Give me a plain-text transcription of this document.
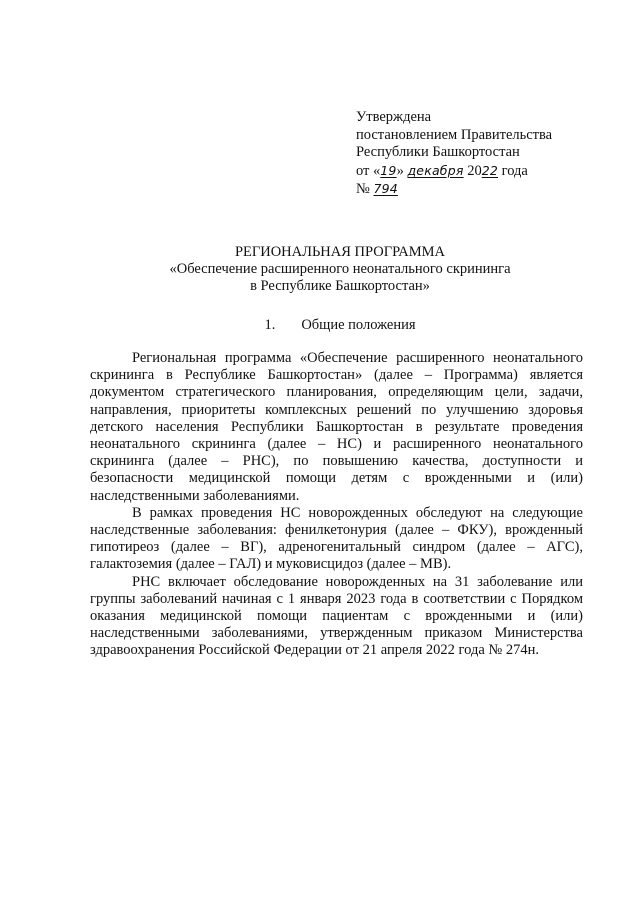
Утверждена
постановлением Правительства
Республики Башкортостан
от «19» декабря 2022 года
№ 794
РЕГИОНАЛЬНАЯ ПРОГРАММА
«Обеспечение расширенного неонатального скрининга
в Республике Башкортостан»
1. Общие положения

Региональная программа «Обеспечение расширенного неонатального скрининга в Республике Башкортостан» (далее – Программа) является документом стратегического планирования, определяющим цели, задачи, направления, приоритеты комплексных решений по улучшению здоровья детского населения Республики Башкортостан в результате проведения неонатального скрининга (далее – НС) и расширенного неонатального скрининга (далее – РНС), по повышению качества, доступности и безопасности медицинской помощи детям с врожденными и (или) наследственными заболеваниями.

В рамках проведения НС новорожденных обследуют на следующие наследственные заболевания: фенилкетонурия (далее – ФКУ), врожденный гипотиреоз (далее – ВГ), адреногенитальный синдром (далее – АГС), галактоземия (далее – ГАЛ) и муковисцидоз (далее – МВ).

РНС включает обследование новорожденных на 31 заболевание или группы заболеваний начиная с 1 января 2023 года в соответствии с Порядком оказания медицинской помощи пациентам с врожденными и (или) наследственными заболеваниями, утвержденным приказом Министерства здравоохранения Российской Федерации от 21 апреля 2022 года № 274н.
